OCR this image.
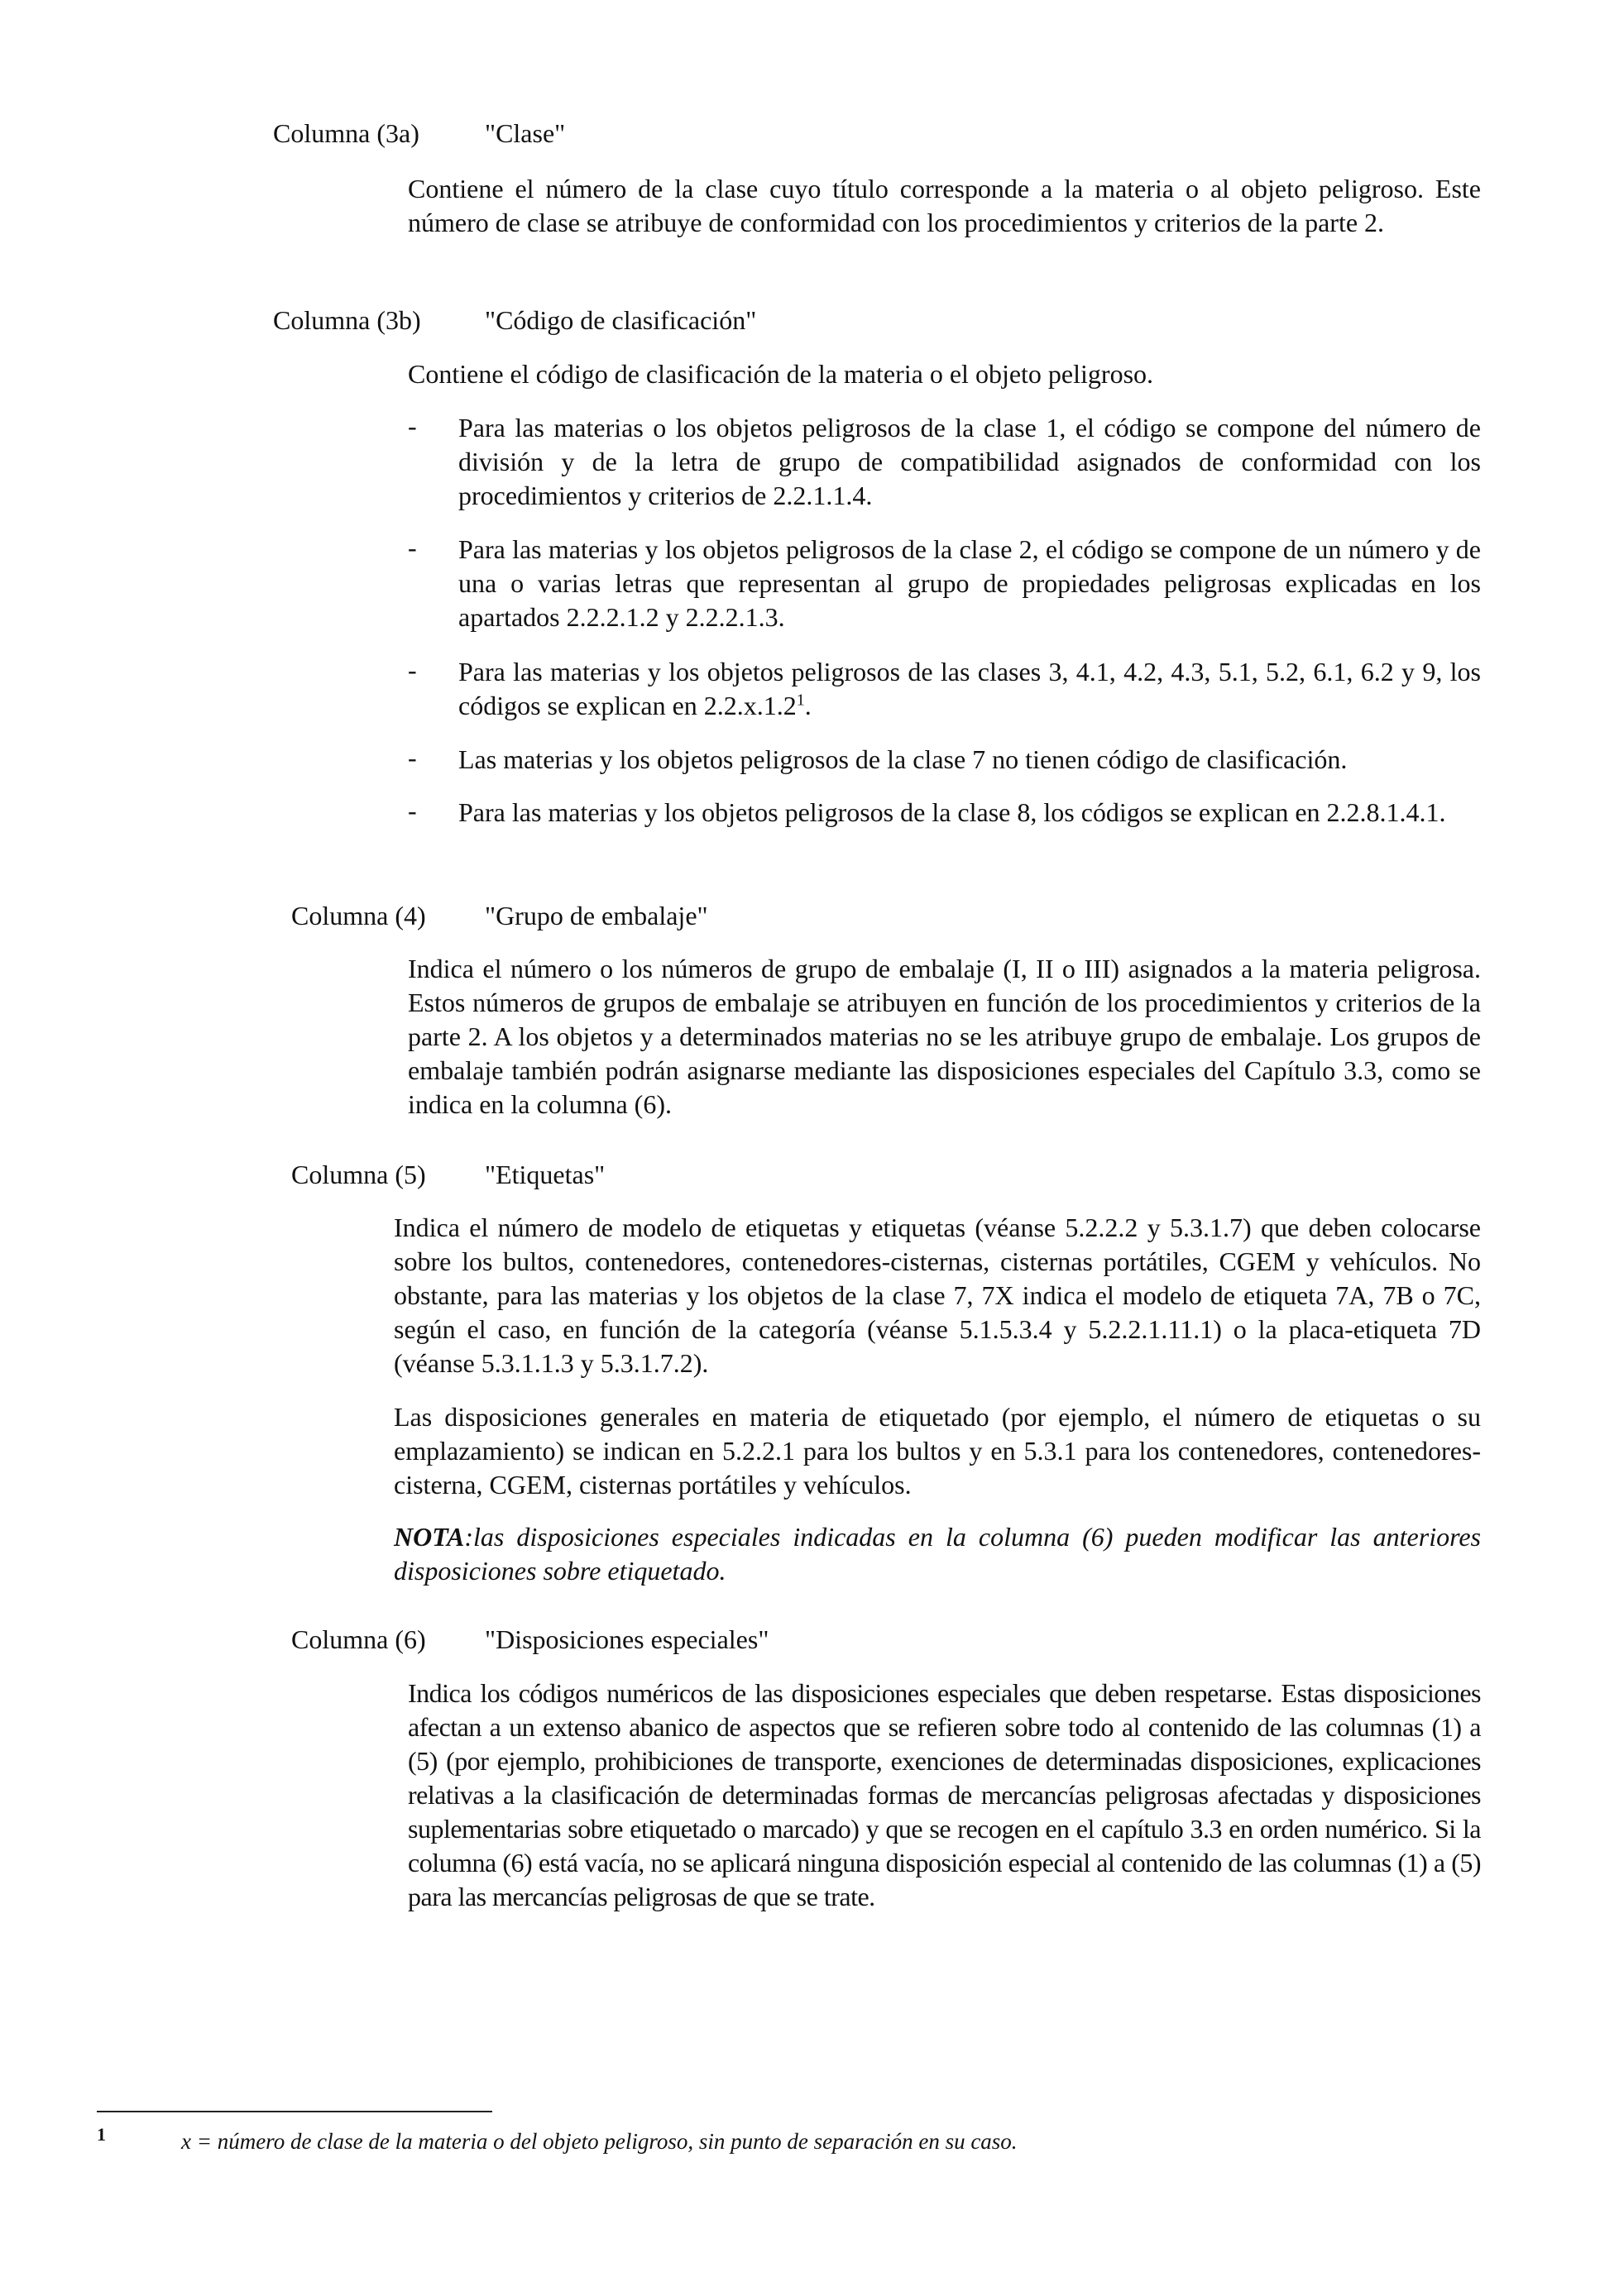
Columna (3a) "Clase"

Contiene el número de la clase cuyo título corresponde a la materia o al objeto peligroso. Este número de clase se atribuye de conformidad con los procedimientos y criterios de la parte 2.

Columna (3b) "Código de clasificación"

Contiene el código de clasificación de la materia o el objeto peligroso.

- Para las materias o los objetos peligrosos de la clase 1, el código se compone del número de división y de la letra de grupo de compatibilidad asignados de conformidad con los procedimientos y criterios de 2.2.1.1.4.
- Para las materias y los objetos peligrosos de la clase 2, el código se compone de un número y de una o varias letras que representan al grupo de propiedades peligrosas explicadas en los apartados 2.2.2.1.2 y 2.2.2.1.3.
- Para las materias y los objetos peligrosos de las clases 3, 4.1, 4.2, 4.3, 5.1, 5.2, 6.1, 6.2 y 9, los códigos se explican en 2.2.x.1.2$^1$.
- Las materias y los objetos peligrosos de la clase 7 no tienen código de clasificación.
- Para las materias y los objetos peligrosos de la clase 8, los códigos se explican en 2.2.8.1.4.1.
Columna (4) "Grupo de embalaje"

Indica el número o los números de grupo de embalaje (I, II o III) asignados a la materia peligrosa. Estos números de grupos de embalaje se atribuyen en función de los procedimientos y criterios de la parte 2. A los objetos y a determinados materias no se les atribuye grupo de embalaje. Los grupos de embalaje también podrán asignarse mediante las disposiciones especiales del Capítulo 3.3, como se indica en la columna (6).

Columna (5) "Etiquetas"

Indica el número de modelo de etiquetas y etiquetas (véanse 5.2.2.2 y 5.3.1.7) que deben colocarse sobre los bultos, contenedores, contenedores-cisternas, cisternas portátiles, CGEM y vehículos. No obstante, para las materias y los objetos de la clase 7, 7X indica el modelo de etiqueta 7A, 7B o 7C, según el caso, en función de la categoría (véanse 5.1.5.3.4 y 5.2.2.1.11.1) o la placa-etiqueta 7D (véanse 5.3.1.1.3 y 5.3.1.7.2).

Las disposiciones generales en materia de etiquetado (por ejemplo, el número de etiquetas o su emplazamiento) se indican en 5.2.2.1 para los bultos y en 5.3.1 para los contenedores, contenedores-cisterna, CGEM, cisternas portátiles y vehículos.

NOTA:las disposiciones especiales indicadas en la columna (6) pueden modificar las anteriores disposiciones sobre etiquetado.

Columna (6) "Disposiciones especiales"

Indica los códigos numéricos de las disposiciones especiales que deben respetarse. Estas disposiciones afectan a un extenso abanico de aspectos que se refieren sobre todo al contenido de las columnas (1) a (5) (por ejemplo, prohibiciones de transporte, exenciones de determinadas disposiciones, explicaciones relativas a la clasificación de determinadas formas de mercancías peligrosas afectadas y disposiciones suplementarias sobre etiquetado o marcado) y que se recogen en el capítulo 3.3 en orden numérico. Si la columna (6) está vacía, no se aplicará ninguna disposición especial al contenido de las columnas (1) a (5) para las mercancías peligrosas de que se trate.

1	x = número de clase de la materia o del objeto peligroso, sin punto de separación en su caso.
